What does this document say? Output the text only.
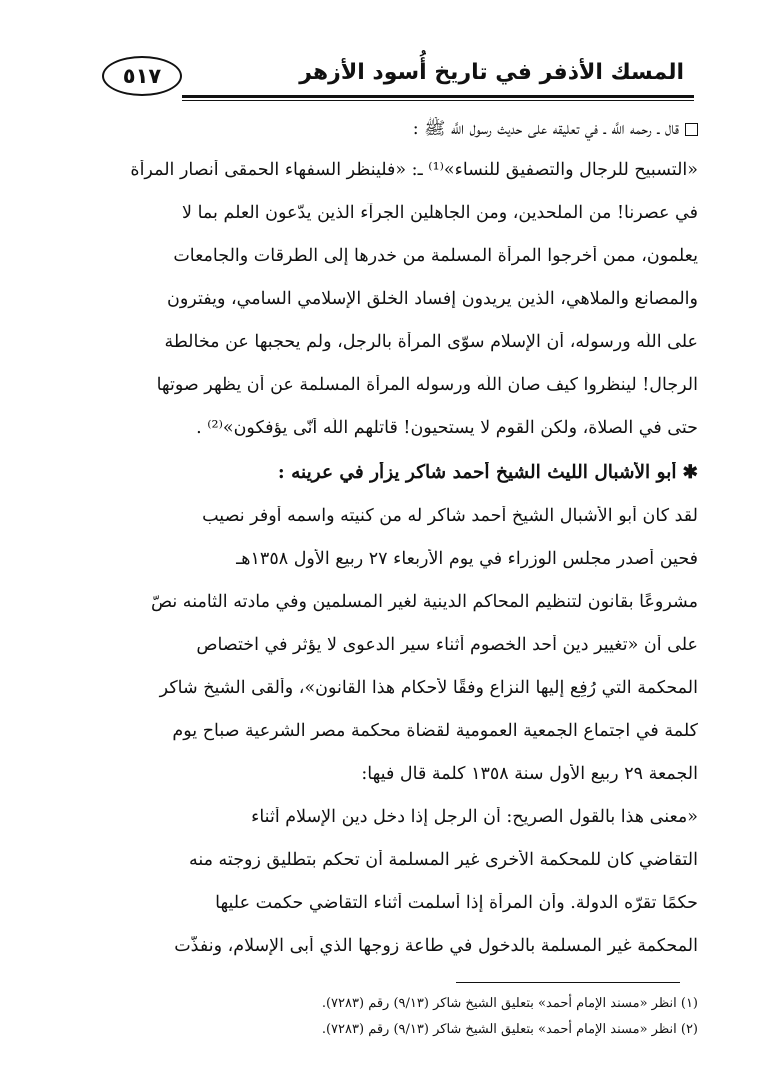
٥١٧	المسك الأذفر في تاريخ أُسود الأزهر
قال ـ رحمه اللَّه ـ في تعليقه على حديث رسول اللَّه ﷺ :
«التسبيح للرجال والتصفيق للنساء»⁽¹⁾ ـ: «فلينظر السفهاء الحمقى أنصار المرأة
في عصرنا! من الملحدين، ومن الجاهلين الجرآء الذين يدّعون العلم بما لا
يعلمون، ممن أخرجوا المرأة المسلمة من خدرها إلى الطرقات والجامعات
والمصانع والملاهي، الذين يريدون إفساد الخلق الإسلامي السامي، ويفترون
على اللَّه ورسوله، أن الإسلام سوّى المرأة بالرجل، ولم يحجبها عن مخالطة
الرجال! لينظروا كيف صان اللَّه ورسوله المرأة المسلمة عن أن يظهر صوتها
حتى في الصلاة، ولكن القوم لا يستحيون! قاتلهم اللَّه أنّى يؤفكون»⁽²⁾ .
✱أبو الأشبال الليث الشيخ أحمد شاكر يزأر في عرينه :
لقد كان أبو الأشبال الشيخ أحمد شاكر له من كنيته واسمه أوفر نصيب
فحين أصدر مجلس الوزراء في يوم الأربعاء ٢٧ ربيع الأول ١٣٥٨هـ
مشروعًا بقانون لتنظيم المحاكم الدينية لغير المسلمين وفي مادته الثامنه نصّ
على أن «تغيير دين أحد الخصوم أثناء سير الدعوى لا يؤثر في اختصاص
المحكمة التي رُفِع إليها النزاع وفقًا لأحكام هذا القانون»، وألقى الشيخ شاكر
كلمة في اجتماع الجمعية العمومية لقضاة محكمة مصر الشرعية صباح يوم
الجمعة ٢٩ ربيع الأول سنة ١٣٥٨ كلمة قال فيها:
«معنى هذا بالقول الصريح: أن الرجل إذا دخل دين الإسلام أثناء
التقاضي كان للمحكمة الأخرى غير المسلمة أن تحكم بتطليق زوجته منه
حكمًا تقرّه الدولة. وأن المرأة إذا أسلمت أثناء التقاضي حكمت عليها
المحكمة غير المسلمة بالدخول في طاعة زوجها الذي أبى الإسلام، ونفذّت
(١) انظر «مسند الإمام أحمد» بتعليق الشيخ شاكر (٩/١٣) رقم (٧٢٨٣).
(٢) انظر «مسند الإمام أحمد» بتعليق الشيخ شاكر (٩/١٣) رقم (٧٢٨٣).
